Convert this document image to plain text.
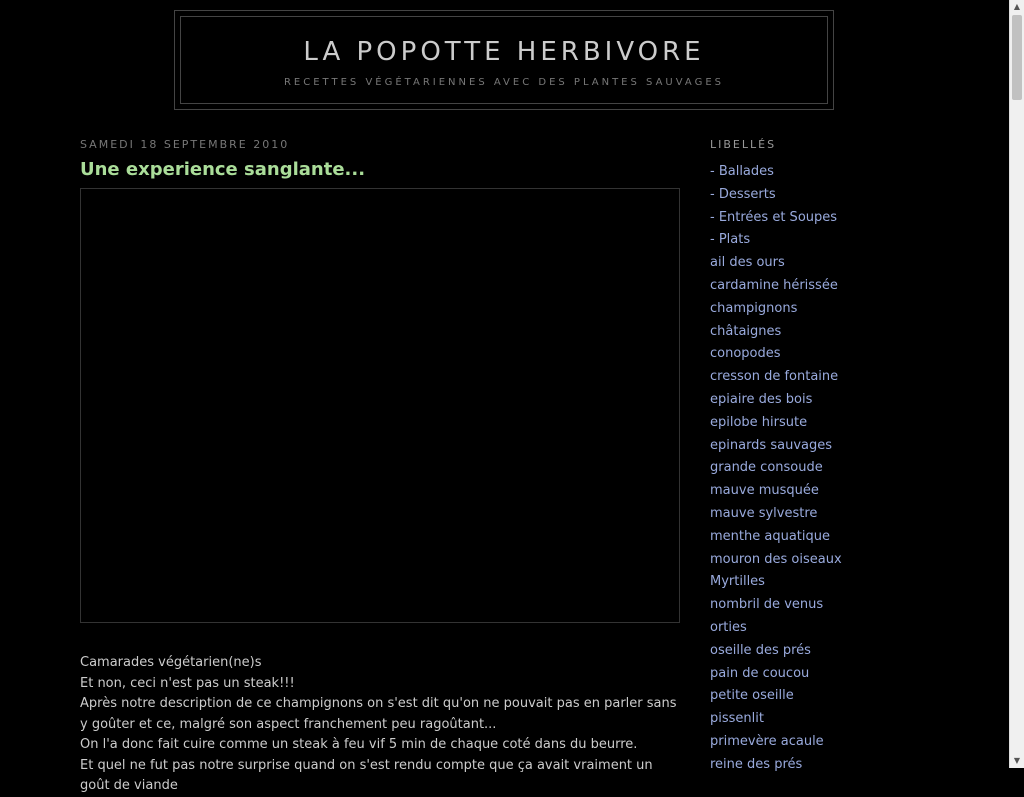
LA POPOTTE HERBIVORE
RECETTES VÉGÉTARIENNES AVEC DES PLANTES SAUVAGES
SAMEDI 18 SEPTEMBRE 2010
Une experience sanglante...

Camarades végétarien(ne)s

Et non, ceci n'est pas un steak!!!

Après notre description de ce champignons on s'est dit qu'on ne pouvait pas en parler sans y goûter et ce, malgré son aspect franchement peu ragoûtant...

On l'a donc fait cuire comme un steak à feu vif 5 min de chaque coté dans du beurre.

Et quel ne fut pas notre surprise quand on s'est rendu compte que ça avait vraiment un goût de viande

LIBELLÉS
- Ballades
- Desserts
- Entrées et Soupes
- Plats
ail des ours
cardamine hérissée
champignons
châtaignes
conopodes
cresson de fontaine
epiaire des bois
epilobe hirsute
epinards sauvages
grande consoude
mauve musquée
mauve sylvestre
menthe aquatique
mouron des oiseaux
Myrtilles
nombril de venus
orties
oseille des prés
pain de coucou
petite oseille
pissenlit
primevère acaule
reine des prés
▲
▼
